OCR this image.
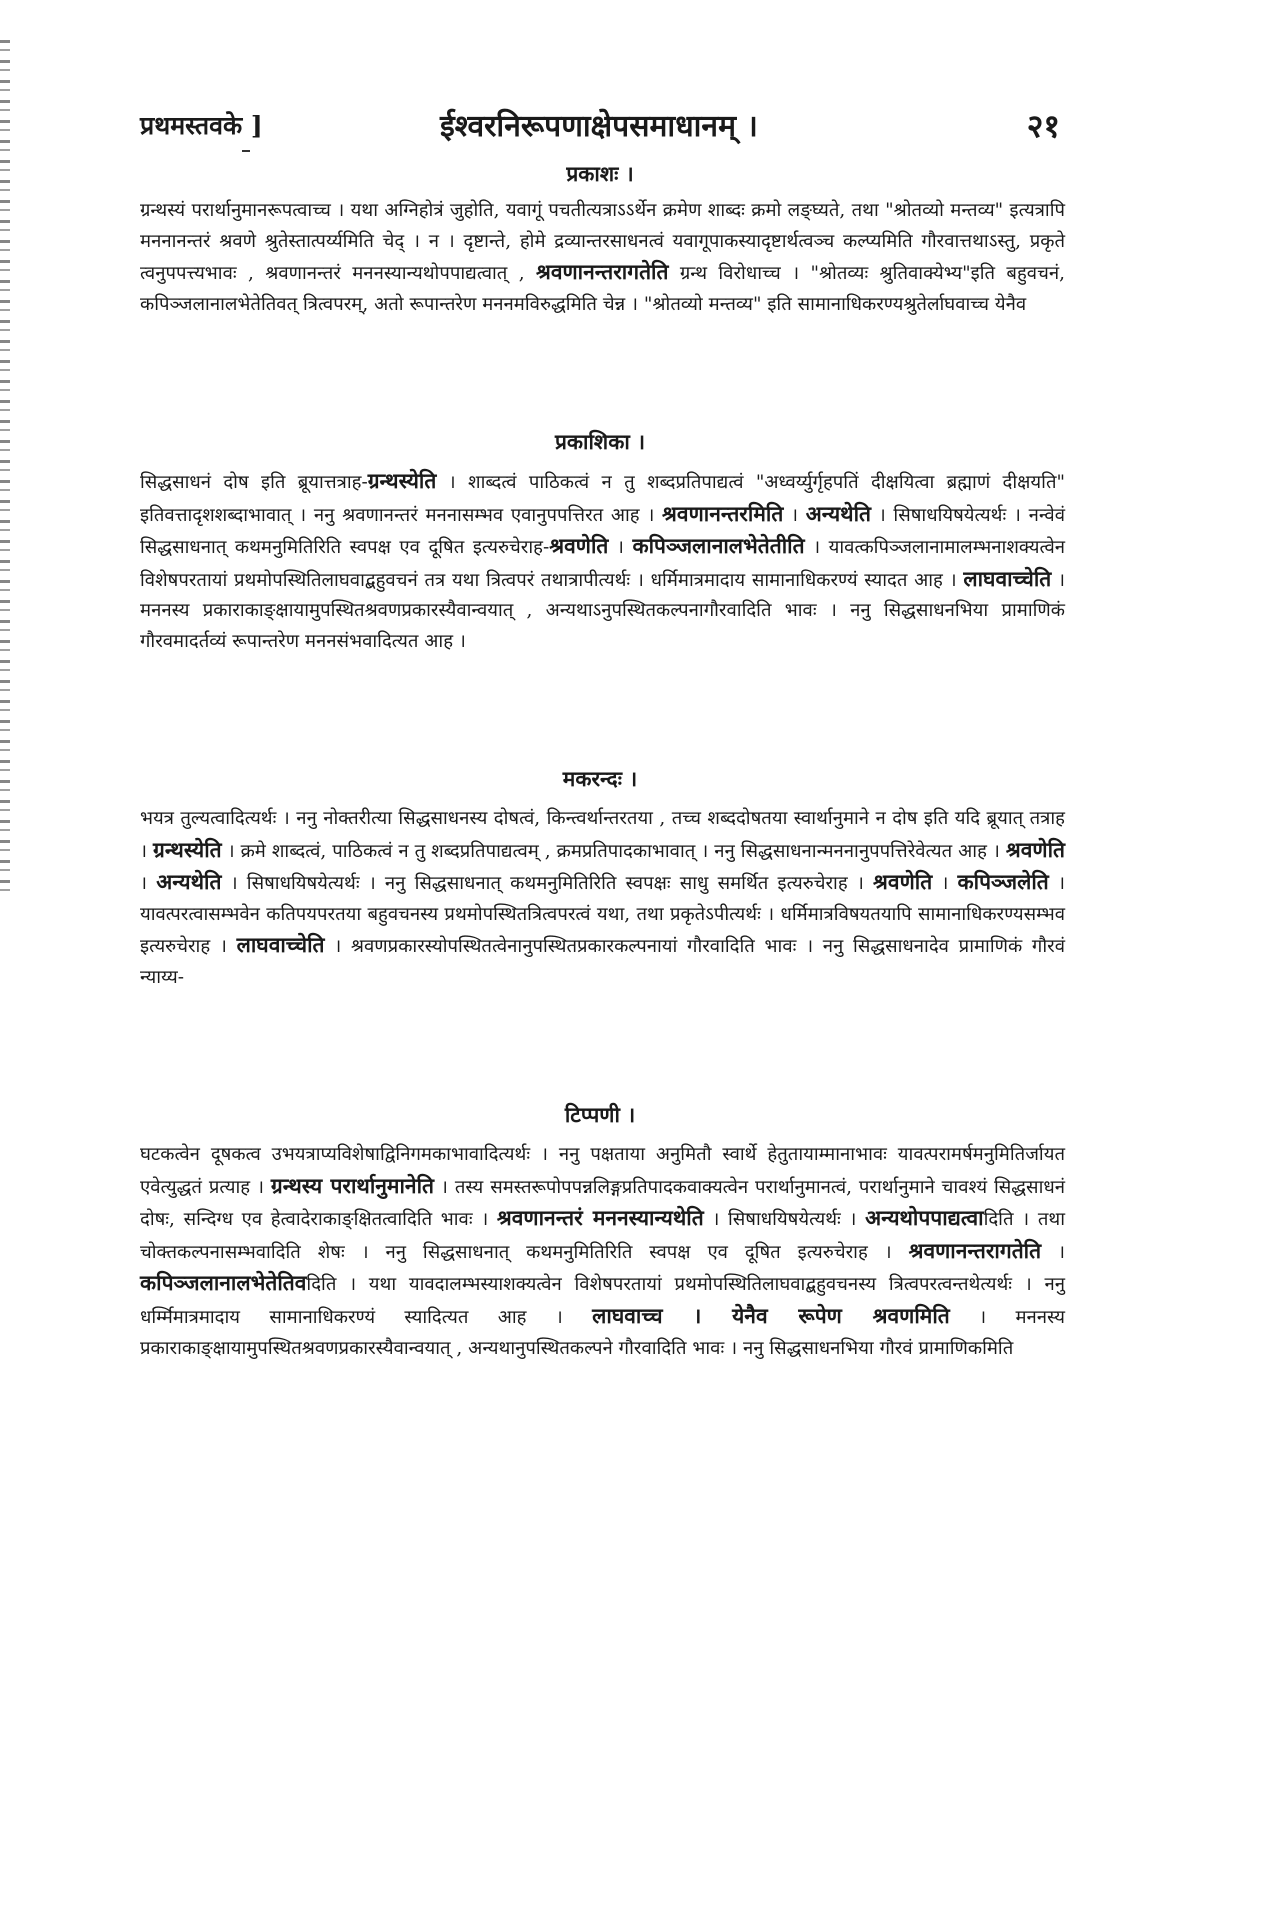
प्रथमस्तवके ]	ईश्वरनिरूपणाक्षेपसमाधानम् ।	२१
प्रकाशः ।

ग्रन्थस्यं परार्थानुमानरूपत्वाच्च । यथा अग्निहोत्रं जुहोति, यवागूं पचतीत्यत्राऽऽर्थेन क्रमेण शाब्दः क्रमो लङ्घ्यते, तथा "श्रोतव्यो मन्तव्य" इत्यत्रापि मननानन्तरं श्रवणे श्रुतेस्तात्पर्य्यमिति चेद् । न । दृष्टान्ते, होमे द्रव्यान्तरसाधनत्वं यवागूपाकस्यादृष्टार्थत्वञ्च कल्प्यमिति गौरवात्तथाऽस्तु, प्रकृते त्वनुपपत्त्यभावः , श्रवणानन्तरं मननस्यान्यथोपपाद्यत्वात् , श्रवणानन्तरागतेति ग्रन्थ विरोधाच्च । "श्रोतव्यः श्रुतिवाक्येभ्य"इति बहुवचनं, कपिञ्जलानालभेतेतिवत् त्रित्वपरम्, अतो रूपान्तरेण मननमविरुद्धमिति चेन्न । "श्रोतव्यो मन्तव्य" इति सामानाधिकरण्यश्रुतेर्लाघवाच्च येनैव

प्रकाशिका ।

सिद्धसाधनं दोष इति ब्रूयात्तत्राह-ग्रन्थस्येति । शाब्दत्वं पाठिकत्वं न तु शब्दप्रतिपाद्यत्वं "अध्वर्य्युर्गृहपतिं दीक्षयित्वा ब्रह्माणं दीक्षयति" इतिवत्तादृशशब्दाभावात् । ननु श्रवणानन्तरं मननासम्भव एवानुपपत्तिरत आह । श्रवणानन्तरमिति । अन्यथेति । सिषाधयिषयेत्यर्थः । नन्वेवं सिद्धसाधनात् कथमनुमितिरिति स्वपक्ष एव दूषित इत्यरुचेराह-श्रवणेति । कपिञ्जलानालभेतेतीति । यावत्कपिञ्जलानामालम्भनाशक्यत्वेन विशेषपरतायां प्रथमोपस्थितिलाघवाद्बहुवचनं तत्र यथा त्रित्वपरं तथात्रापीत्यर्थः । धर्मिमात्रमादाय सामानाधिकरण्यं स्यादत आह । लाघवाच्चेति । मननस्य प्रकाराकाङ्क्षायामुपस्थितश्रवणप्रकारस्यैवान्वयात् , अन्यथाऽनुपस्थितकल्पनागौरवादिति भावः । ननु सिद्धसाधनभिया प्रामाणिकं गौरवमादर्तव्यं रूपान्तरेण मननसंभवादित्यत आह ।

मकरन्दः ।

भयत्र तुल्यत्वादित्यर्थः । ननु नोक्तरीत्या सिद्धसाधनस्य दोषत्वं, किन्त्वर्थान्तरतया , तच्च शब्ददोषतया स्वार्थानुमाने न दोष इति यदि ब्रूयात् तत्राह । ग्रन्थस्येति । क्रमे शाब्दत्वं, पाठिकत्वं न तु शब्दप्रतिपाद्यत्वम् , क्रमप्रतिपादकाभावात् । ननु सिद्धसाधनान्मननानुपपत्तिरेवेत्यत आह । श्रवणेति । अन्यथेति । सिषाधयिषयेत्यर्थः । ननु सिद्धसाधनात् कथमनुमितिरिति स्वपक्षः साधु समर्थित इत्यरुचेराह । श्रवणेति । कपिञ्जलेति । यावत्परत्वासम्भवेन कतिपयपरतया बहुवचनस्य प्रथमोपस्थितत्रित्वपरत्वं यथा, तथा प्रकृतेऽपीत्यर्थः । धर्मिमात्रविषयतयापि सामानाधिकरण्यसम्भव इत्यरुचेराह । लाघवाच्चेति । श्रवणप्रकारस्योपस्थितत्वेनानुपस्थितप्रकारकल्पनायां गौरवादिति भावः । ननु सिद्धसाधनादेव प्रामाणिकं गौरवं न्याय्य-

टिप्पणी ।

घटकत्वेन दूषकत्व उभयत्राप्यविशेषाद्विनिगमकाभावादित्यर्थः । ननु पक्षताया अनुमितौ स्वार्थे हेतुतायाम्मानाभावः यावत्परामर्षमनुमितिर्जायत एवेत्युद्धतं प्रत्याह । ग्रन्थस्य परार्थानुमानेति । तस्य समस्तरूपोपपन्नलिङ्गप्रतिपादकवाक्यत्वेन परार्थानुमानत्वं, परार्थानुमाने चावश्यं सिद्धसाधनं दोषः, सन्दिग्ध एव हेत्वादेराकाङ्क्षितत्वादिति भावः । श्रवणानन्तरं मननस्यान्यथेति । सिषाधयिषयेत्यर्थः । अन्यथोपपाद्यत्वादिति । तथा चोक्तकल्पनासम्भवादिति शेषः । ननु सिद्धसाधनात् कथमनुमितिरिति स्वपक्ष एव दूषित इत्यरुचेराह । श्रवणानन्तरागतेति । कपिञ्जलानालभेतेतिवदिति । यथा यावदालम्भस्याशक्यत्वेन विशेषपरतायां प्रथमोपस्थितिलाघवाद्बहुवचनस्य त्रित्वपरत्वन्तथेत्यर्थः । ननु धर्म्मिमात्रमादाय सामानाधिकरण्यं स्यादित्यत आह । लाघवाच्च । येनैव रूपेण श्रवणमिति । मननस्य प्रकाराकाङ्क्षायामुपस्थितश्रवणप्रकारस्यैवान्वयात् , अन्यथानुपस्थितकल्पने गौरवादिति भावः । ननु सिद्धसाधनभिया गौरवं प्रामाणिकमिति
